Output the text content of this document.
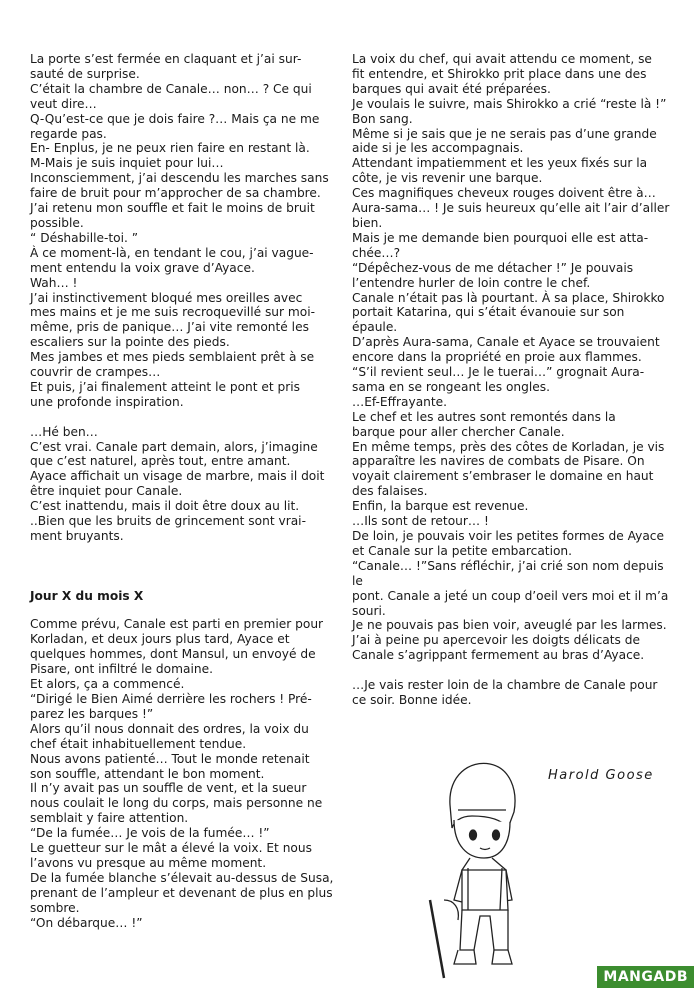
La porte s’est fermée en claquant et j’ai sur-

sauté de surprise.

C’était la chambre de Canale… non… ? Ce qui

veut dire…

Q-Qu’est-ce que je dois faire ?… Mais ça ne me

regarde pas.

En- Enplus, je ne peux rien faire en restant là.

M-Mais je suis inquiet pour lui…

Inconsciemment, j’ai descendu les marches sans

faire de bruit pour m’approcher de sa chambre.

J’ai retenu mon souffle et fait le moins de bruit

possible.

“ Déshabille-toi. ”

À ce moment-là, en tendant le cou, j’ai vague-

ment entendu la voix grave d’Ayace.

Wah… !

J’ai instinctivement bloqué mes oreilles avec

mes mains et je me suis recroquevillé sur moi-

même, pris de panique… J’ai vite remonté les

escaliers sur la pointe des pieds.

Mes jambes et mes pieds semblaient prêt à se

couvrir de crampes…

Et puis, j’ai finalement atteint le pont et pris

une profonde inspiration.

…Hé ben…

C’est vrai. Canale part demain, alors, j’imagine

que c’est naturel, après tout, entre amant.

Ayace affichait un visage de marbre, mais il doit

être inquiet pour Canale.

C’est inattendu, mais il doit être doux au lit.

..Bien que les bruits de grincement sont vrai-

ment bruyants.

Jour X du mois X

Comme prévu, Canale est parti en premier pour

Korladan, et deux jours plus tard, Ayace et

quelques hommes, dont Mansul, un envoyé de

Pisare, ont infiltré le domaine.

Et alors, ça a commencé.

“Dirigé le Bien Aimé derrière les rochers ! Pré-

parez les barques !”

Alors qu’il nous donnait des ordres, la voix du

chef était inhabituellement tendue.

Nous avons patienté… Tout le monde retenait

son souffle, attendant le bon moment.

Il n’y avait pas un souffle de vent, et la sueur

nous coulait le long du corps, mais personne ne

semblait y faire attention.

“De la fumée… Je vois de la fumée… !”

Le guetteur sur le mât a élevé la voix. Et nous

l’avons vu presque au même moment.

De la fumée blanche s’élevait au-dessus de Susa,

prenant de l’ampleur et devenant de plus en plus

sombre.

“On débarque… !”

La voix du chef, qui avait attendu ce moment, se

fit entendre, et Shirokko prit place dans une des

barques qui avait été préparées.

Je voulais le suivre, mais Shirokko a crié “reste là !”

Bon sang.

Même si je sais que je ne serais pas d’une grande

aide si je les accompagnais.

Attendant impatiemment et les yeux fixés sur la

côte, je vis revenir une barque.

Ces magnifiques cheveux rouges doivent être à…

Aura-sama… ! Je suis heureux qu’elle ait l’air d’aller

bien.

Mais je me demande bien pourquoi elle est atta-

chée…?

“Dépêchez-vous de me détacher !” Je pouvais

l’entendre hurler de loin contre le chef.

Canale n’était pas là pourtant. À sa place, Shirokko

portait Katarina, qui s’était évanouie sur son

épaule.

D’après Aura-sama, Canale et Ayace se trouvaient

encore dans la propriété en proie aux flammes.

“S’il revient seul… Je le tuerai…” grognait Aura-

sama en se rongeant les ongles.

…Ef-Effrayante.

Le chef et les autres sont remontés dans la

barque pour aller chercher Canale.

En même temps, près des côtes de Korladan, je vis

apparaître les navires de combats de Pisare. On

voyait clairement s’embraser le domaine en haut

des falaises.

Enfin, la barque est revenue.

…Ils sont de retour… !

De loin, je pouvais voir les petites formes de Ayace

et Canale sur la petite embarcation.

“Canale… !”Sans réfléchir, j’ai crié son nom depuis le

pont. Canale a jeté un coup d’oeil vers moi et il m’a

souri.

Je ne pouvais pas bien voir, aveuglé par les larmes.

J’ai à peine pu apercevoir les doigts délicats de

Canale s’agrippant fermement au bras d’Ayace.

…Je vais rester loin de la chambre de Canale pour

ce soir. Bonne idée.

Harold Goose
MANGADB
